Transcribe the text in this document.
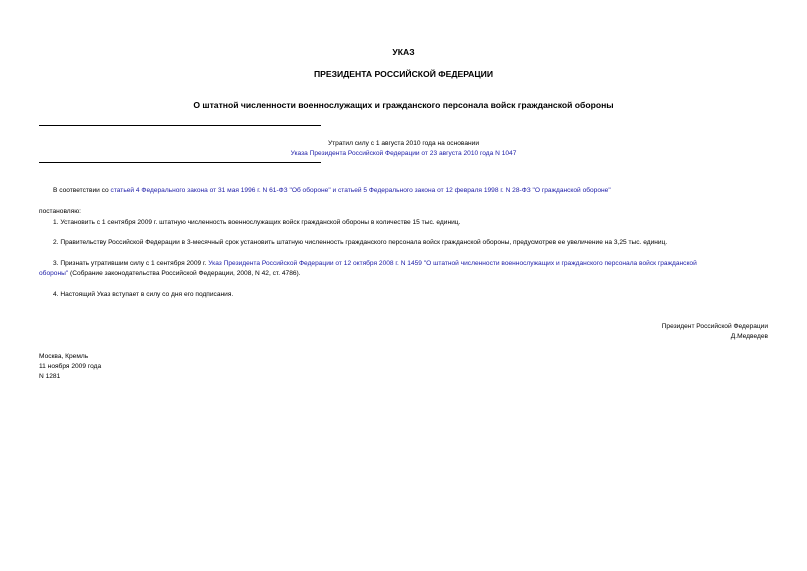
УКАЗ
ПРЕЗИДЕНТА РОССИЙСКОЙ ФЕДЕРАЦИИ
О штатной численности военнослужащих и гражданского персонала войск гражданской обороны
Утратил силу с 1 августа 2010 года на основании
Указа Президента Российской Федерации от 23 августа 2010 года N 1047
В соответствии со статьей 4 Федерального закона от 31 мая 1996 г. N 61-ФЗ "Об обороне" и статьей 5 Федерального закона от 12 февраля 1998 г. N 28-ФЗ "О гражданской обороне"
постановляю:
1. Установить с 1 сентября 2009 г. штатную численность военнослужащих войск гражданской обороны в количестве 15 тыс. единиц.
2. Правительству Российской Федерации в 3-месячный срок установить штатную численность гражданского персонала войск гражданской обороны, предусмотрев ее увеличение на 3,25 тыс. единиц.
3. Признать утратившим силу с 1 сентября 2009 г. Указ Президента Российской Федерации от 12 октября 2008 г. N 1459 "О штатной численности военнослужащих и гражданского персонала войск гражданской
обороны" (Собрание законодательства Российской Федерации, 2008, N 42, ст. 4786).
4. Настоящий Указ вступает в силу со дня его подписания.
Президент Российской Федерации
Д.Медведев
Москва, Кремль
11 ноября 2009 года
N 1281
